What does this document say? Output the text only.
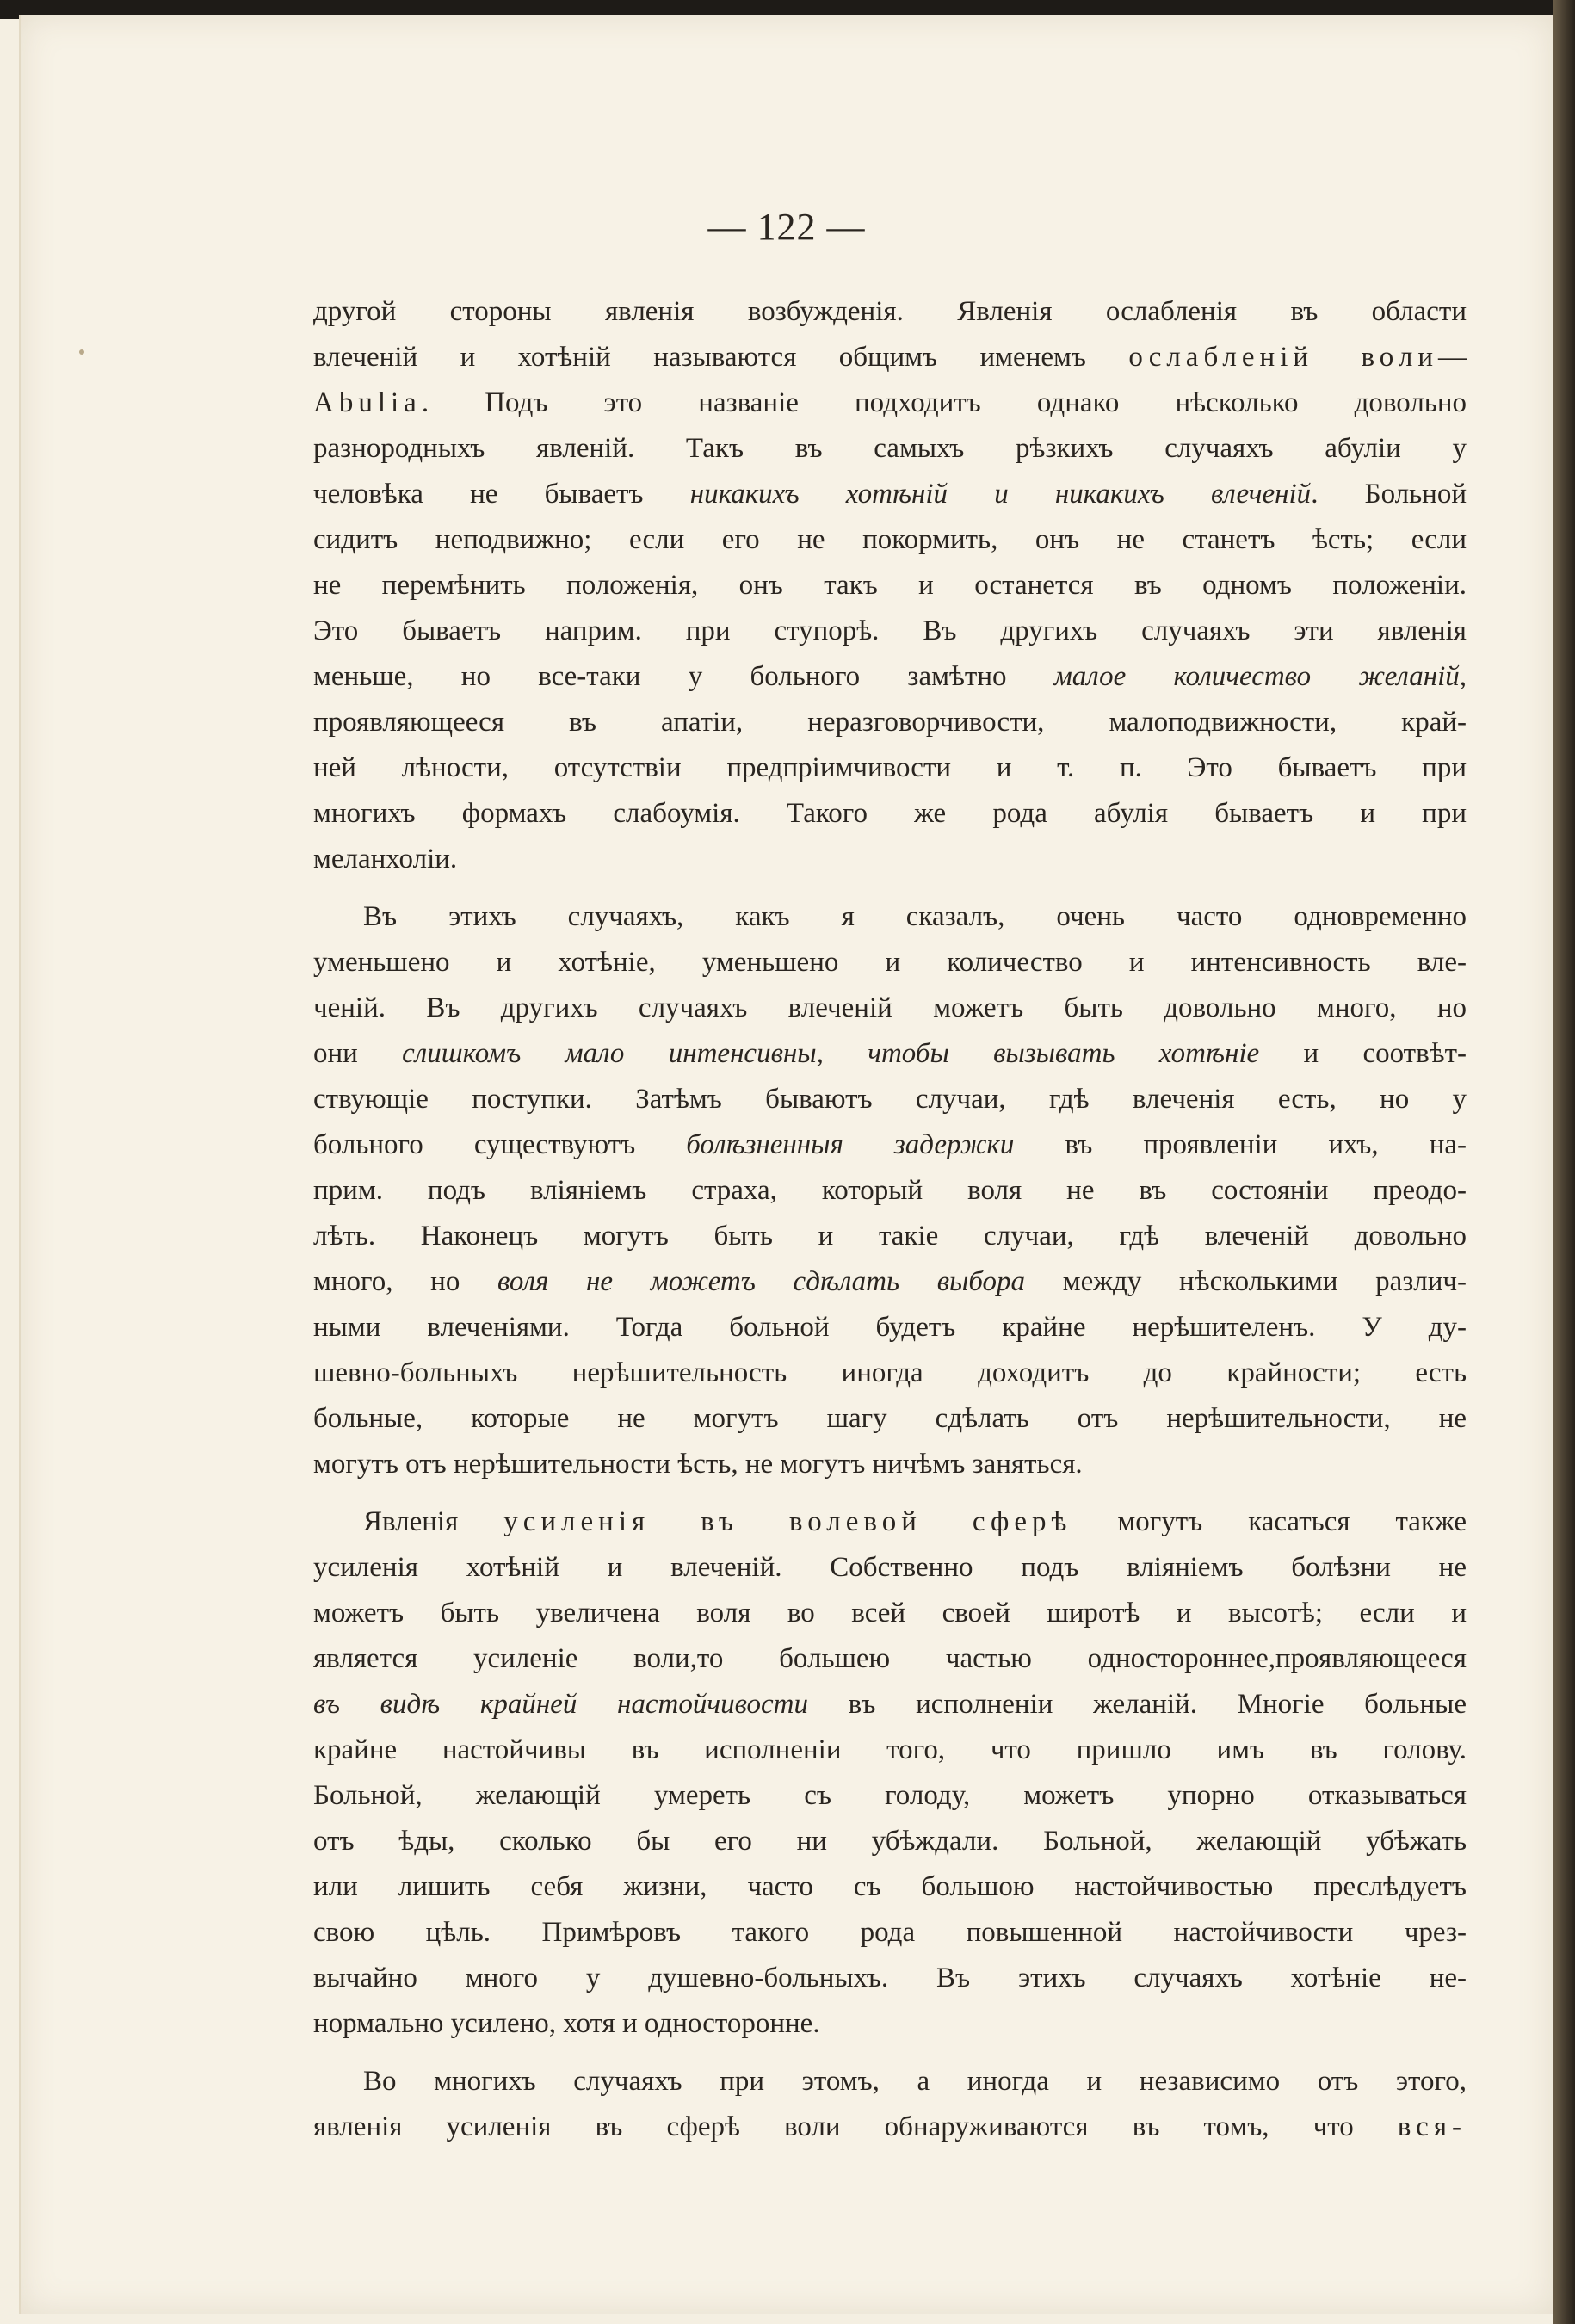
— 122 —
другой стороны явленія возбужденія. Явленія ослабленія въ области
влеченій и хотѣній называются общимъ именемъ ослабленій воли—
Abulia. Подъ это названіе подходитъ однако нѣсколько довольно
разнородныхъ явленій. Такъ въ самыхъ рѣзкихъ случаяхъ абуліи у
человѣка не бываетъ никакихъ хотѣній и никакихъ влеченій. Больной
сидитъ неподвижно; если его не покормить, онъ не станетъ ѣсть; если
не перемѣнить положенія, онъ такъ и останется въ одномъ положеніи.
Это бываетъ наприм. при ступорѣ. Въ другихъ случаяхъ эти явленія
меньше, но все-таки у больного замѣтно малое количество желаній,
проявляющееся въ апатіи, неразговорчивости, малоподвижности, край-
ней лѣности, отсутствіи предпріимчивости и т. п. Это бываетъ при
многихъ формахъ слабоумія. Такого же рода абулія бываетъ и при
меланхоліи.
Въ этихъ случаяхъ, какъ я сказалъ, очень часто одновременно
уменьшено и хотѣніе, уменьшено и количество и интенсивность вле-
ченій. Въ другихъ случаяхъ влеченій можетъ быть довольно много, но
они слишкомъ мало интенсивны, чтобы вызывать хотѣніе и соотвѣт-
ствующіе поступки. Затѣмъ бываютъ случаи, гдѣ влеченія есть, но у
больного существуютъ болѣзненныя задержки въ проявленіи ихъ, на-
прим. подъ вліяніемъ страха, который воля не въ состояніи преодо-
лѣть. Наконецъ могутъ быть и такіе случаи, гдѣ влеченій довольно
много, но воля не можетъ сдѣлать выбора между нѣсколькими различ-
ными влеченіями. Тогда больной будетъ крайне нерѣшителенъ. У ду-
шевно-больныхъ нерѣшительность иногда доходитъ до крайности; есть
больные, которые не могутъ шагу сдѣлать отъ нерѣшительности, не
могутъ отъ нерѣшительности ѣсть, не могутъ ничѣмъ заняться.
Явленія усиленія въ волевой сферѣ могутъ касаться также
усиленія хотѣній и влеченій. Собственно подъ вліяніемъ болѣзни не
можетъ быть увеличена воля во всей своей широтѣ и высотѣ; если и
является усиленіе воли,то большею частью одностороннее,проявляющееся
въ видѣ крайней настойчивости въ исполненіи желаній. Многіе больные
крайне настойчивы въ исполненіи того, что пришло имъ въ голову.
Больной, желающій умереть съ голоду, можетъ упорно отказываться
отъ ѣды, сколько бы его ни убѣждали. Больной, желающій убѣжать
или лишить себя жизни, часто съ большою настойчивостью преслѣдуетъ
свою цѣль. Примѣровъ такого рода повышенной настойчивости чрез-
вычайно много у душевно-больныхъ. Въ этихъ случаяхъ хотѣніе не-
нормально усилено, хотя и односторонне.
Во многихъ случаяхъ при этомъ, а иногда и независимо отъ этого,
явленія усиленія въ сферѣ воли обнаруживаются въ томъ, что вся-
